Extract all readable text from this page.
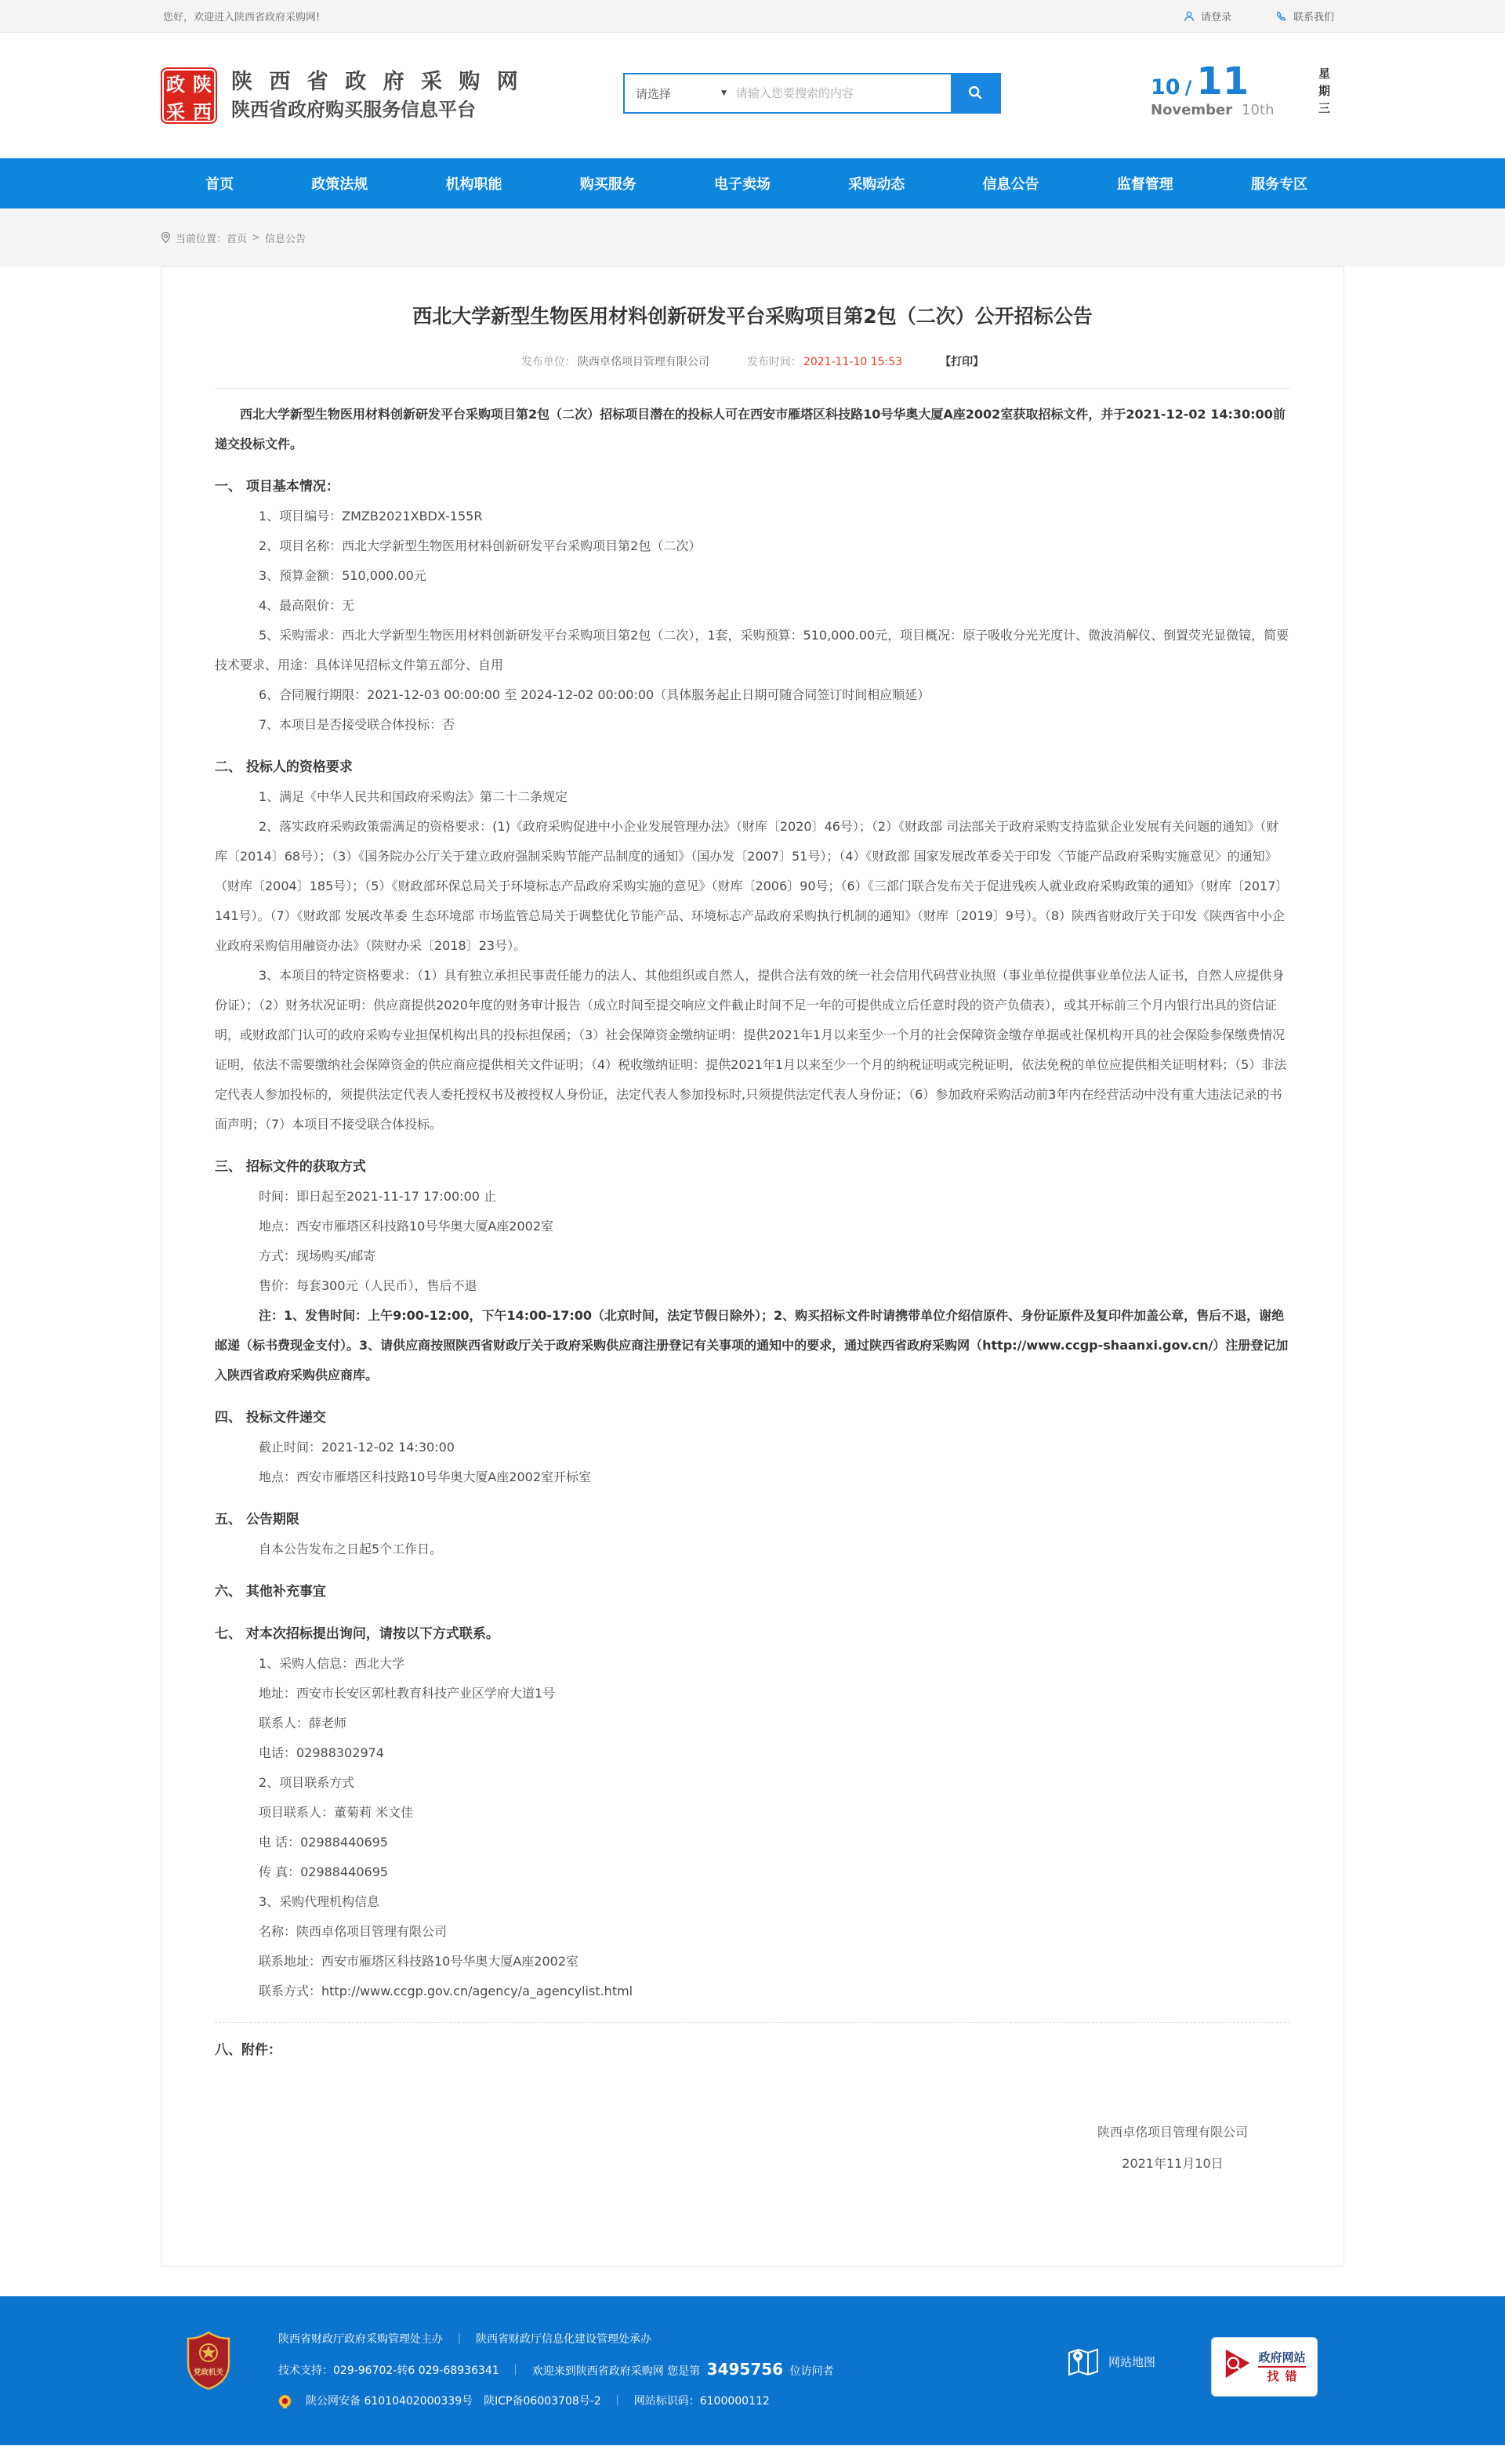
您好，欢迎进入陕西省政府采购网!	请登录	联系我们
政 陕
采 西
陕 西 省 政 府 采 购 网
陕西省政府购买服务信息平台
请选择	▼
请输入您要搜索的内容	10 / 11
November 10th	星期三
首页	政策法规	机构职能	购买服务	电子卖场	采购动态	信息公告	监督管理	服务专区
当前位置： 首页 > 信息公告
西北大学新型生物医用材料创新研发平台采购项目第2包（二次）公开招标公告
发布单位： 陕西卓佲项目管理有限公司	发布时间： 2021-11-10 15:53	【打印】

西北大学新型生物医用材料创新研发平台采购项目第2包（二次）招标项目潜在的投标人可在西安市雁塔区科技路10号华奥大厦A座2002室获取招标文件，并于2021-12-02 14:30:00前递交投标文件。

一、 项目基本情况：

1、项目编号：ZMZB2021XBDX-155R

2、项目名称：西北大学新型生物医用材料创新研发平台采购项目第2包（二次）

3、预算金额：510,000.00元

4、最高限价：无

5、采购需求：西北大学新型生物医用材料创新研发平台采购项目第2包（二次），1套，采购预算：510,000.00元，项目概况：原子吸收分光光度计、微波消解仪、倒置荧光显微镜，简要技术要求、用途：具体详见招标文件第五部分、自用

6、合同履行期限：2021-12-03 00:00:00 至 2024-12-02 00:00:00（具体服务起止日期可随合同签订时间相应顺延）

7、本项目是否接受联合体投标：否

二、 投标人的资格要求

1、满足《中华人民共和国政府采购法》第二十二条规定

2、落实政府采购政策需满足的资格要求：(1)《政府采购促进中小企业发展管理办法》（财库〔2020〕46号）；（2）《财政部 司法部关于政府采购支持监狱企业发展有关问题的通知》（财库〔2014〕68号）；（3）《国务院办公厅关于建立政府强制采购节能产品制度的通知》（国办发〔2007〕51号）；（4）《财政部 国家发展改革委关于印发〈节能产品政府采购实施意见〉的通知》（财库〔2004〕185号）；（5）《财政部环保总局关于环境标志产品政府采购实施的意见》（财库〔2006〕90号；（6）《三部门联合发布关于促进残疾人就业政府采购政策的通知》（财库〔2017〕141号）。（7）《财政部 发展改革委 生态环境部 市场监管总局关于调整优化节能产品、环境标志产品政府采购执行机制的通知》（财库〔2019〕9号）。（8）陕西省财政厅关于印发《陕西省中小企业政府采购信用融资办法》（陕财办采〔2018〕23号）。

3、本项目的特定资格要求：（1）具有独立承担民事责任能力的法人、其他组织或自然人，提供合法有效的统一社会信用代码营业执照（事业单位提供事业单位法人证书，自然人应提供身份证）；（2）财务状况证明：供应商提供2020年度的财务审计报告（成立时间至提交响应文件截止时间不足一年的可提供成立后任意时段的资产负债表），或其开标前三个月内银行出具的资信证明，或财政部门认可的政府采购专业担保机构出具的投标担保函；（3）社会保障资金缴纳证明：提供2021年1月以来至少一个月的社会保障资金缴存单据或社保机构开具的社会保险参保缴费情况证明，依法不需要缴纳社会保障资金的供应商应提供相关文件证明；（4）税收缴纳证明：提供2021年1月以来至少一个月的纳税证明或完税证明，依法免税的单位应提供相关证明材料；（5）非法定代表人参加投标的，须提供法定代表人委托授权书及被授权人身份证，法定代表人参加投标时,只须提供法定代表人身份证；（6）参加政府采购活动前3年内在经营活动中没有重大违法记录的书面声明；（7）本项目不接受联合体投标。

三、 招标文件的获取方式

时间：即日起至2021-11-17 17:00:00 止

地点：西安市雁塔区科技路10号华奥大厦A座2002室

方式：现场购买/邮寄

售价：每套300元（人民币），售后不退

注：1、发售时间：上午9:00-12:00，下午14:00-17:00（北京时间，法定节假日除外）；2、购买招标文件时请携带单位介绍信原件、身份证原件及复印件加盖公章，售后不退，谢绝邮递（标书费现金支付）。3、请供应商按照陕西省财政厅关于政府采购供应商注册登记有关事项的通知中的要求，通过陕西省政府采购网（http://www.ccgp-shaanxi.gov.cn/）注册登记加入陕西省政府采购供应商库。

四、 投标文件递交

截止时间：2021-12-02 14:30:00

地点：西安市雁塔区科技路10号华奥大厦A座2002室开标室

五、 公告期限

自本公告发布之日起5个工作日。

六、 其他补充事宜

七、 对本次招标提出询问，请按以下方式联系。

1、采购人信息：西北大学

地址：西安市长安区郭杜教育科技产业区学府大道1号

联系人：薛老师

电话：02988302974

2、项目联系方式

项目联系人：董菊莉 米文佳

电 话：02988440695

传 真：02988440695

3、采购代理机构信息

名称：陕西卓佲项目管理有限公司

联系地址：西安市雁塔区科技路10号华奥大厦A座2002室

联系方式：http://www.ccgp.gov.cn/agency/a_agencylist.html

八、附件：

陕西卓佲项目管理有限公司
2021年11月10日
党政机关
陕西省财政厅政府采购管理处主办 ｜ 陕西省财政厅信息化建设管理处承办
技术支持：029-96702-转6 029-68936341 ｜ 欢迎来到陕西省政府采购网 您是第 3495756 位访问者
陕公网安备 61010402000339号 陕ICP备06003708号-2 ｜ 网站标识码：6100000112
网站地图	政府网站
找错
